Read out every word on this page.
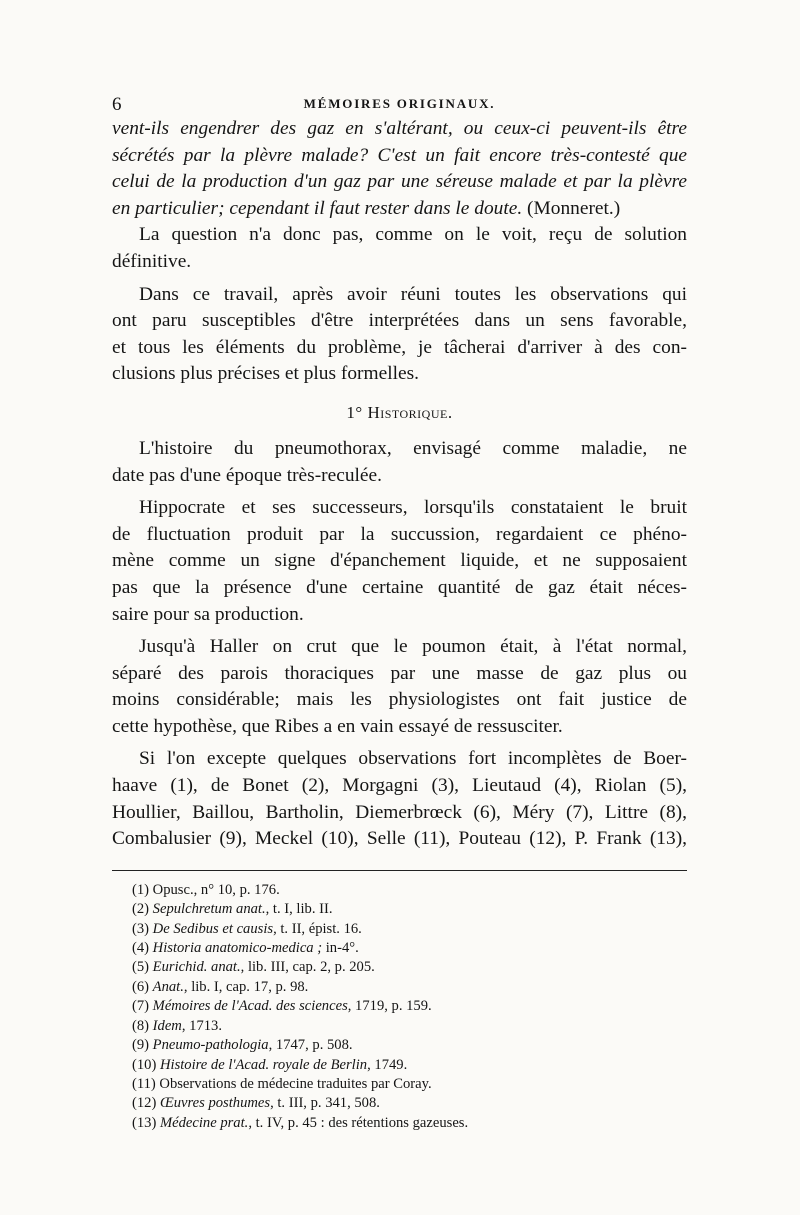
6	MÉMOIRES ORIGINAUX.
vent-ils engendrer des gaz en s'altérant, ou ceux-ci peuvent-ils être
sécrétés par la plèvre malade? C'est un fait encore très-contesté que
celui de la production d'un gaz par une séreuse malade et par la plèvre
en particulier; cependant il faut rester dans le doute. (Monneret.)
La question n'a donc pas, comme on le voit, reçu de solution
définitive.
Dans ce travail, après avoir réuni toutes les observations qui
ont paru susceptibles d'être interprétées dans un sens favorable,
et tous les éléments du problème, je tâcherai d'arriver à des con-
clusions plus précises et plus formelles.
1° Historique.
L'histoire du pneumothorax, envisagé comme maladie, ne
date pas d'une époque très-reculée.
Hippocrate et ses successeurs, lorsqu'ils constataient le bruit
de fluctuation produit par la succussion, regardaient ce phéno-
mène comme un signe d'épanchement liquide, et ne supposaient
pas que la présence d'une certaine quantité de gaz était néces-
saire pour sa production.
Jusqu'à Haller on crut que le poumon était, à l'état normal,
séparé des parois thoraciques par une masse de gaz plus ou
moins considérable; mais les physiologistes ont fait justice de
cette hypothèse, que Ribes a en vain essayé de ressusciter.
Si l'on excepte quelques observations fort incomplètes de Boer-
haave (1), de Bonet (2), Morgagni (3), Lieutaud (4), Riolan (5),
Houllier, Baillou, Bartholin, Diemerbrœck (6), Méry (7), Littre (8),
Combalusier (9), Meckel (10), Selle (11), Pouteau (12), P. Frank (13),
(1) Opusc., n° 10, p. 176.
(2) Sepulchretum anat., t. I, lib. II.
(3) De Sedibus et causis, t. II, épist. 16.
(4) Historia anatomico-medica ; in-4°.
(5) Eurichid. anat., lib. III, cap. 2, p. 205.
(6) Anat., lib. I, cap. 17, p. 98.
(7) Mémoires de l'Acad. des sciences, 1719, p. 159.
(8) Idem, 1713.
(9) Pneumo-pathologia, 1747, p. 508.
(10) Histoire de l'Acad. royale de Berlin, 1749.
(11) Observations de médecine traduites par Coray.
(12) Œuvres posthumes, t. III, p. 341, 508.
(13) Médecine prat., t. IV, p. 45 : des rétentions gazeuses.
